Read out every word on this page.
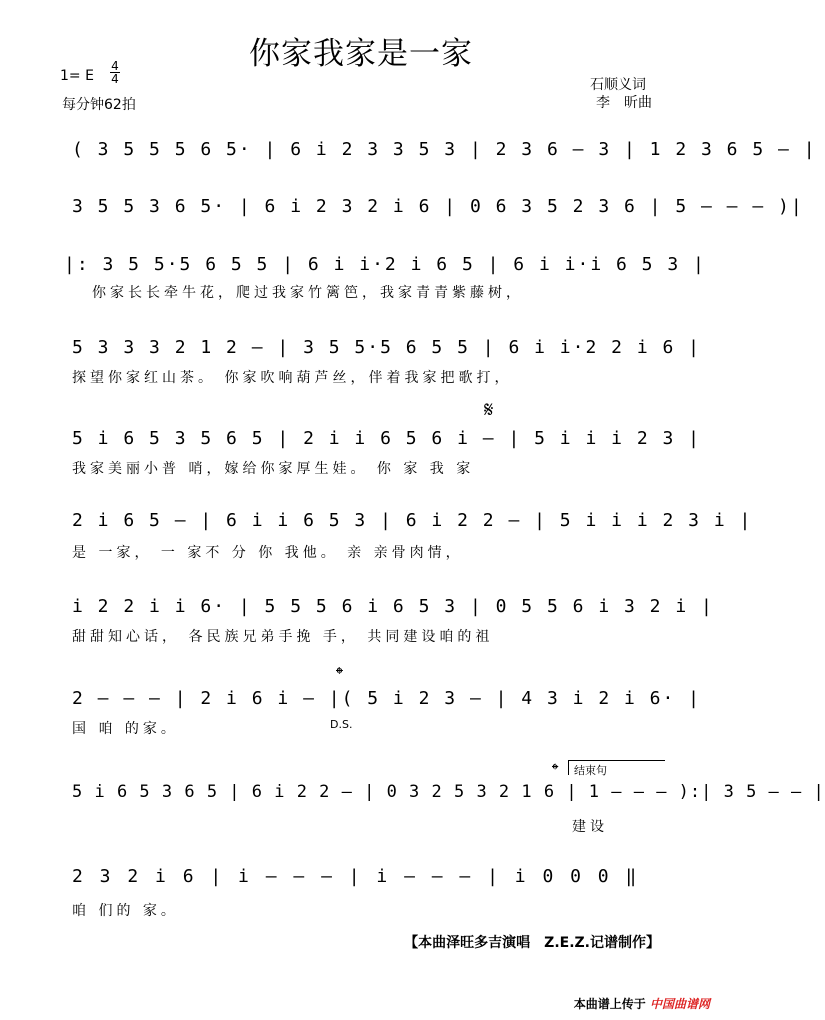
你家我家是一家
1= E
4
4
每分钟62拍
石顺义词
李　昕曲
( 3 5 5 5 6 5· | 6 i 2 3 3 5 3 | 2 3 6 – 3 | 1 2 3 6 5 – |
3 5 5 3 6 5· | 6 i 2 3 2 i 6 | 0 6 3 5 2 3 6 | 5 – – – )|
|: 3 5 5·5 6 5 5 | 6 i i·2 i 6 5 | 6 i i·i 6 5 3 |
你家长长牵牛花，爬过我家竹篱笆，我家青青紫藤树，
5 3 3 3 2 1 2 – | 3 5 5·5 6 5 5 | 6 i i·2 2 i 6 |
探望你家红山茶。 你家吹响葫芦丝，伴着我家把歌打，
𝄋
5 i 6 5 3 5 6 5 | 2 i i 6 5 6 i – | 5 i i i 2 3 |
我家美丽小普 哨，嫁给你家厚生娃。 你 家 我 家
2 i 6 5 – | 6 i i 6 5 3 | 6 i 2 2 – | 5 i i i 2 3 i |
是 一家， 一 家不 分 你 我他。 亲 亲骨肉情，
i 2 2 i i 6· | 5 5 5 6 i 6 5 3 | 0 5 5 6 i 3 2 i |
甜甜知心话， 各民族兄弟手挽 手， 共同建设咱的祖
𝄌
2 – – – | 2 i 6 i – |( 5 i 2 3 – | 4 3 i 2 i 6· |
国 咱 的家。	D.S.
𝄌 结束句
5 i 6 5 3 6 5 | 6 i 2 2 – | 0 3 2 5 3 2 1 6 | 1 – – – ):| 3 5 – – |
建设
2 3 2 i 6 | i – – – | i – – – | i 0 0 0 ‖
咱 们的 家。
【本曲泽旺多吉演唱　Z.E.Z.记谱制作】
本曲谱上传于 中国曲谱网
